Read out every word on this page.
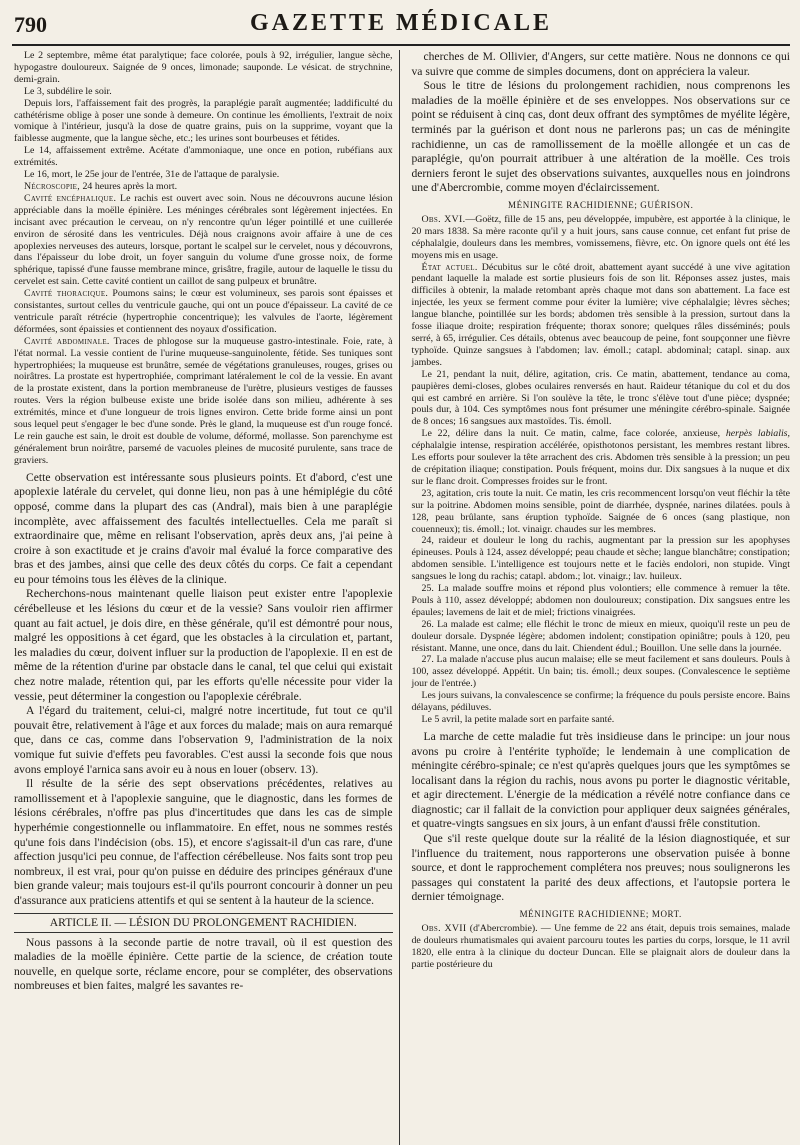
790	GAZETTE MÉDICALE

Le 2 septembre, même état paralytique; face colorée, pouls à 92, irrégulier, langue sèche, hypogastre douloureux. Saignée de 9 onces, limonade; sauponde. Le vésicat. de strychnine, demi-grain.

Le 3, subdélire le soir.

Depuis lors, l'affaissement fait des progrès, la paraplégie paraît augmentée; laddificulté du cathétérisme oblige à poser une sonde à demeure. On continue les émollients, l'extrait de noix vomique à l'intérieur, jusqu'à la dose de quatre grains, puis on la supprime, voyant que la faiblesse augmente, que la langue sèche, etc.; les urines sont bourbeuses et fétides.

Le 14, affaissement extrême. Acétate d'ammoniaque, une once en potion, rubéfians aux extrémités.

Le 16, mort, le 25e jour de l'entrée, 31e de l'attaque de paralysie.

Nécroscopie, 24 heures après la mort.

Cavité encéphalique. Le rachis est ouvert avec soin. Nous ne découvrons aucune lésion appréciable dans la moëlle épinière. Les méninges cérébrales sont légèrement injectées. En incisant avec précaution le cerveau, on n'y rencontre qu'un léger pointillé et une cuillerée environ de sérosité dans les ventricules. Déjà nous craignons avoir affaire à une de ces apoplexies nerveuses des auteurs, lorsque, portant le scalpel sur le cervelet, nous y découvrons, dans l'épaisseur du lobe droit, un foyer sanguin du volume d'une grosse noix, de forme sphérique, tapissé d'une fausse membrane mince, grisâtre, fragile, autour de laquelle le tissu du cervelet est sain. Cette cavité contient un caillot de sang pulpeux et brunâtre.

Cavité thoracique. Poumons sains; le cœur est volumineux, ses parois sont épaisses et consistantes, surtout celles du ventricule gauche, qui ont un pouce d'épaisseur. La cavité de ce ventricule paraît rétrécie (hypertrophie concentrique); les valvules de l'aorte, légèrement déformées, sont épaissies et contiennent des noyaux d'ossification.

Cavité abdominale. Traces de phlogose sur la muqueuse gastro-intestinale. Foie, rate, à l'état normal. La vessie contient de l'urine muqueuse-sanguinolente, fétide. Ses tuniques sont hypertrophiées; la muqueuse est brunâtre, semée de végétations granuleuses, rouges, grises ou noirâtres. La prostate est hypertrophiée, comprimant latéralement le col de la vessie. En avant de la prostate existent, dans la portion membraneuse de l'urètre, plusieurs vestiges de fausses routes. Vers la région bulbeuse existe une bride isolée dans son milieu, adhérente à ses extrémités, mince et d'une longueur de trois lignes environ. Cette bride forme ainsi un pont sous lequel peut s'engager le bec d'une sonde. Près le gland, la muqueuse est d'un rouge foncé. Le rein gauche est sain, le droit est double de volume, déformé, mollasse. Son parenchyme est généralement brun noirâtre, parsemé de vacuoles pleines de mucosité purulente, sans trace de graviers.

Cette observation est intéressante sous plusieurs points. Et d'abord, c'est une apoplexie latérale du cervelet, qui donne lieu, non pas à une hémiplégie du côté opposé, comme dans la plupart des cas (Andral), mais bien à une paraplégie incomplète, avec affaissement des facultés intellectuelles. Cela me paraît si extraordinaire que, même en relisant l'observation, après deux ans, j'ai peine à croire à son exactitude et je crains d'avoir mal évalué la force comparative des bras et des jambes, ainsi que celle des deux côtés du corps. Ce fait a cependant eu pour témoins tous les élèves de la clinique.

Recherchons-nous maintenant quelle liaison peut exister entre l'apoplexie cérébelleuse et les lésions du cœur et de la vessie? Sans vouloir rien affirmer quant au fait actuel, je dois dire, en thèse générale, qu'il est démontré pour nous, malgré les oppositions à cet égard, que les obstacles à la circulation et, partant, les maladies du cœur, doivent influer sur la production de l'apoplexie. Il en est de même de la rétention d'urine par obstacle dans le canal, tel que celui qui existait chez notre malade, rétention qui, par les efforts qu'elle nécessite pour vider la vessie, peut déterminer la congestion ou l'apoplexie cérébrale.

A l'égard du traitement, celui-ci, malgré notre incertitude, fut tout ce qu'il pouvait être, relativement à l'âge et aux forces du malade; mais on aura remarqué que, dans ce cas, comme dans l'observation 9, l'administration de la noix vomique fut suivie d'effets peu favorables. C'est aussi la seconde fois que nous avons employé l'arnica sans avoir eu à nous en louer (observ. 13).

Il résulte de la série des sept observations précédentes, relatives au ramollissement et à l'apoplexie sanguine, que le diagnostic, dans les formes de lésions cérébrales, n'offre pas plus d'incertitudes que dans les cas de simple hyperhémie congestionnelle ou inflammatoire. En effet, nous ne sommes restés qu'une fois dans l'indécision (obs. 15), et encore s'agissait-il d'un cas rare, d'une affection jusqu'ici peu connue, de l'affection cérébelleuse. Nos faits sont trop peu nombreux, il est vrai, pour qu'on puisse en déduire des principes généraux d'une bien grande valeur; mais toujours est-il qu'ils pourront concourir à donner un peu d'assurance aux praticiens attentifs et qui se sentent à la hauteur de la science.

ARTICLE II. — LÉSION DU PROLONGEMENT RACHIDIEN.

Nous passons à la seconde partie de notre travail, où il est question des maladies de la moëlle épinière. Cette partie de la science, de création toute nouvelle, en quelque sorte, réclame encore, pour se compléter, des observations nombreuses et bien faites, malgré les savantes re-

cherches de M. Ollivier, d'Angers, sur cette matière. Nous ne donnons ce qui va suivre que comme de simples documens, dont on appréciera la valeur.

Sous le titre de lésions du prolongement rachidien, nous comprenons les maladies de la moëlle épinière et de ses enveloppes. Nos observations sur ce point se réduisent à cinq cas, dont deux offrant des symptômes de myélite légère, terminés par la guérison et dont nous ne parlerons pas; un cas de méningite rachidienne, un cas de ramollissement de la moëlle allongée et un cas de paraplégie, qu'on pourrait attribuer à une altération de la moëlle. Ces trois derniers feront le sujet des observations suivantes, auxquelles nous en joindrons une d'Abercrombie, comme moyen d'éclaircissement.

MÉNINGITE RACHIDIENNE; GUÉRISON.

Obs. XVI.—Goëtz, fille de 15 ans, peu développée, impubère, est apportée à la clinique, le 20 mars 1838. Sa mère raconte qu'il y a huit jours, sans cause connue, cet enfant fut prise de céphalalgie, douleurs dans les membres, vomissemens, fièvre, etc. On ignore quels ont été les moyens mis en usage.

État actuel. Décubitus sur le côté droit, abattement ayant succédé à une vive agitation pendant laquelle la malade est sortie plusieurs fois de son lit. Réponses assez justes, mais difficiles à obtenir, la malade retombant après chaque mot dans son abattement. La face est injectée, les yeux se ferment comme pour éviter la lumière; vive céphalalgie; lèvres sèches; langue blanche, pointillée sur les bords; abdomen très sensible à la pression, surtout dans la fosse iliaque droite; respiration fréquente; thorax sonore; quelques râles disséminés; pouls serré, à 65, irrégulier. Ces détails, obtenus avec beaucoup de peine, font soupçonner une fièvre typhoïde. Quinze sangsues à l'abdomen; lav. émoll.; catapl. abdominal; catapl. sinap. aux jambes.

Le 21, pendant la nuit, délire, agitation, cris. Ce matin, abattement, tendance au coma, paupières demi-closes, globes oculaires renversés en haut. Raideur tétanique du col et du dos qui est cambré en arrière. Si l'on soulève la tête, le tronc s'élève tout d'une pièce; dyspnée; pouls dur, à 104. Ces symptômes nous font présumer une méningite cérébro-spinale. Saignée de 8 onces; 16 sangsues aux mastoïdes. Tis. émoll.

Le 22, délire dans la nuit. Ce matin, calme, face colorée, anxieuse, herpès labialis, céphalalgie intense, respiration accélérée, opisthotonos persistant, les membres restant libres. Les efforts pour soulever la tête arrachent des cris. Abdomen très sensible à la pression; un peu de crépitation iliaque; constipation. Pouls fréquent, moins dur. Dix sangsues à la nuque et dix sur le flanc droit. Compresses froides sur le front.

23, agitation, cris toute la nuit. Ce matin, les cris recommencent lorsqu'on veut fléchir la tête sur la poitrine. Abdomen moins sensible, point de diarrhée, dyspnée, narines dilatées. pouls à 128, peau brûlante, sans éruption typhoïde. Saignée de 6 onces (sang plastique, non couenneux); tis. émoll.; lot. vinaigr. chaudes sur les membres.

24, raideur et douleur le long du rachis, augmentant par la pression sur les apophyses épineuses. Pouls à 124, assez développé; peau chaude et sèche; langue blanchâtre; constipation; abdomen sensible. L'intelligence est toujours nette et le faciès endolori, non stupide. Vingt sangsues le long du rachis; catapl. abdom.; lot. vinaigr.; lav. huileux.

25. La malade souffre moins et répond plus volontiers; elle commence à remuer la tête. Pouls à 110, assez développé; abdomen non douloureux; constipation. Dix sangsues entre les épaules; lavemens de lait et de miel; frictions vinaigrées.

26. La malade est calme; elle fléchit le tronc de mieux en mieux, quoiqu'il reste un peu de douleur dorsale. Dyspnée légère; abdomen indolent; constipation opiniâtre; pouls à 120, peu résistant. Manne, une once, dans du lait. Chiendent édul.; Bouillon. Une selle dans la journée.

27. La malade n'accuse plus aucun malaise; elle se meut facilement et sans douleurs. Pouls à 100, assez développé. Appétit. Un bain; tis. émoll.; deux soupes. (Convalescence le septième jour de l'entrée.)

Les jours suivans, la convalescence se confirme; la fréquence du pouls persiste encore. Bains délayans, pédiluves.

Le 5 avril, la petite malade sort en parfaite santé.

La marche de cette maladie fut très insidieuse dans le principe: un jour nous avons pu croire à l'entérite typhoïde; le lendemain à une complication de méningite cérébro-spinale; ce n'est qu'après quelques jours que les symptômes se localisant dans la région du rachis, nous avons pu porter le diagnostic véritable, et agir directement. L'énergie de la médication a révélé notre confiance dans ce diagnostic; car il fallait de la conviction pour appliquer deux saignées générales, et quatre-vingts sangsues en six jours, à un enfant d'aussi frêle constitution.

Que s'il reste quelque doute sur la réalité de la lésion diagnostiquée, et sur l'influence du traitement, nous rapporterons une observation puisée à bonne source, et dont le rapprochement complétera nos preuves; nous soulignerons les passages qui constatent la parité des deux affections, et l'autopsie portera le dernier témoignage.

MÉNINGITE RACHIDIENNE; MORT.

Obs. XVII (d'Abercrombie). — Une femme de 22 ans était, depuis trois semaines, malade de douleurs rhumatismales qui avaient parcouru toutes les parties du corps, lorsque, le 11 avril 1820, elle entra à la clinique du docteur Duncan. Elle se plaignait alors de douleur dans la partie postérieure du
